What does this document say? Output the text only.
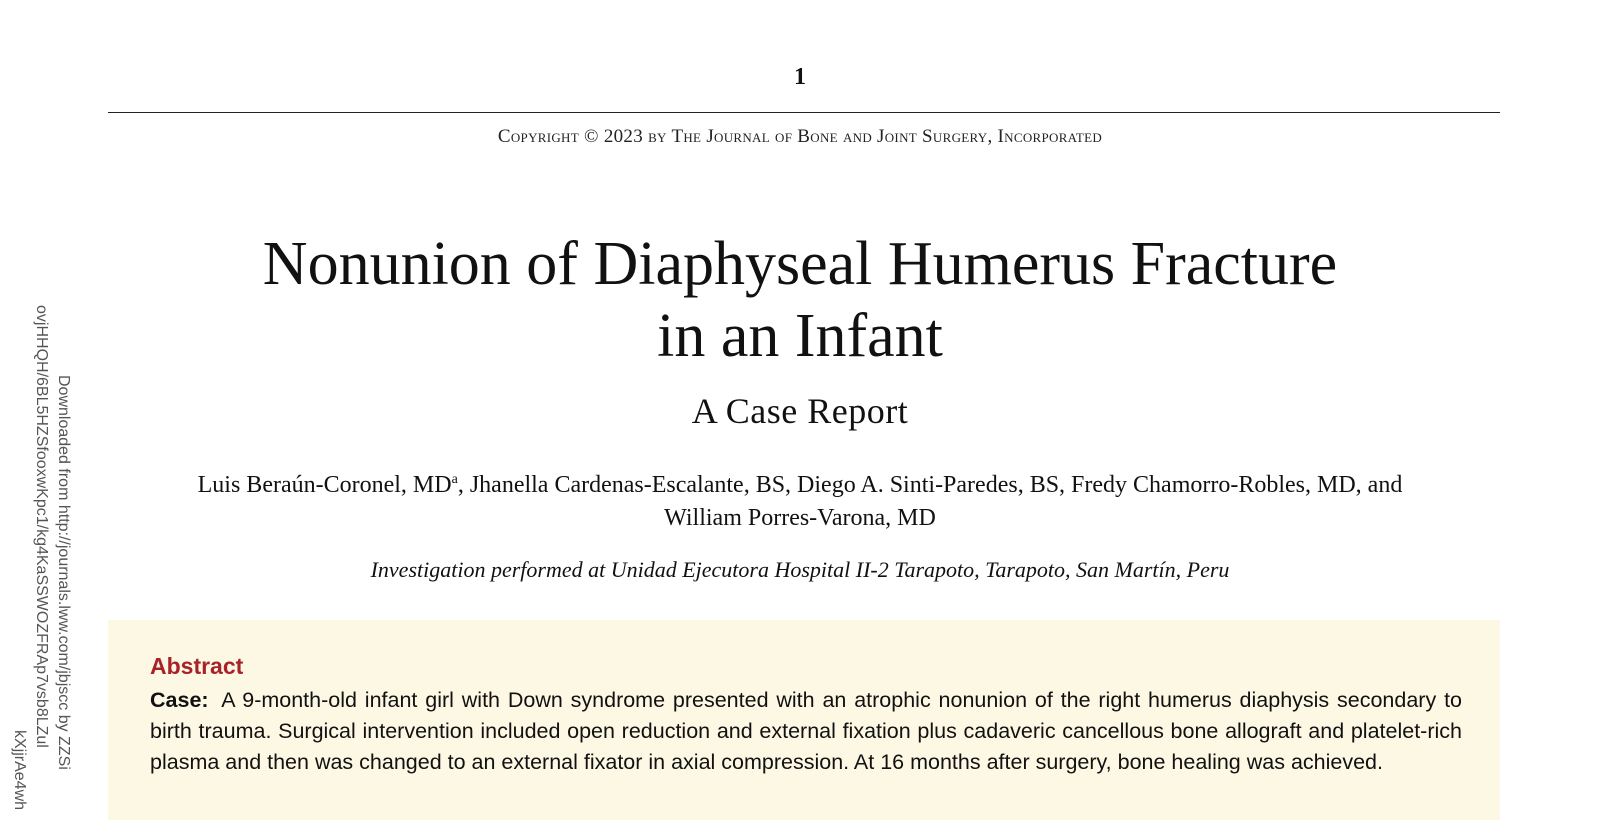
1
Copyright © 2023 by The Journal of Bone and Joint Surgery, Incorporated
Nonunion of Diaphyseal Humerus Fracture
in an Infant
A Case Report
Luis Beraún-Coronel, $MD^a$, Jhanella Cardenas-Escalante, BS, Diego A. Sinti-Paredes, BS, Fredy Chamorro-Robles, MD, and
William Porres-Varona, MD
Investigation performed at Unidad Ejecutora Hospital II-2 Tarapoto, Tarapoto, San Martín, Peru
Downloaded from http://journals.lww.com/jbjscc by ZZSi
ovjHHQH/6BL5HZSfooxwKpc1/kg4KaSSWOZFRAp7vsb8LZul
kXjjrAe4wh
Abstract
Case: A 9-month-old infant girl with Down syndrome presented with an atrophic nonunion of the right humerus diaphysis secondary to birth trauma. Surgical intervention included open reduction and external fixation plus cadaveric cancellous bone allograft and platelet-rich plasma and then was changed to an external fixator in axial compression. At 16 months after surgery, bone healing was achieved.
